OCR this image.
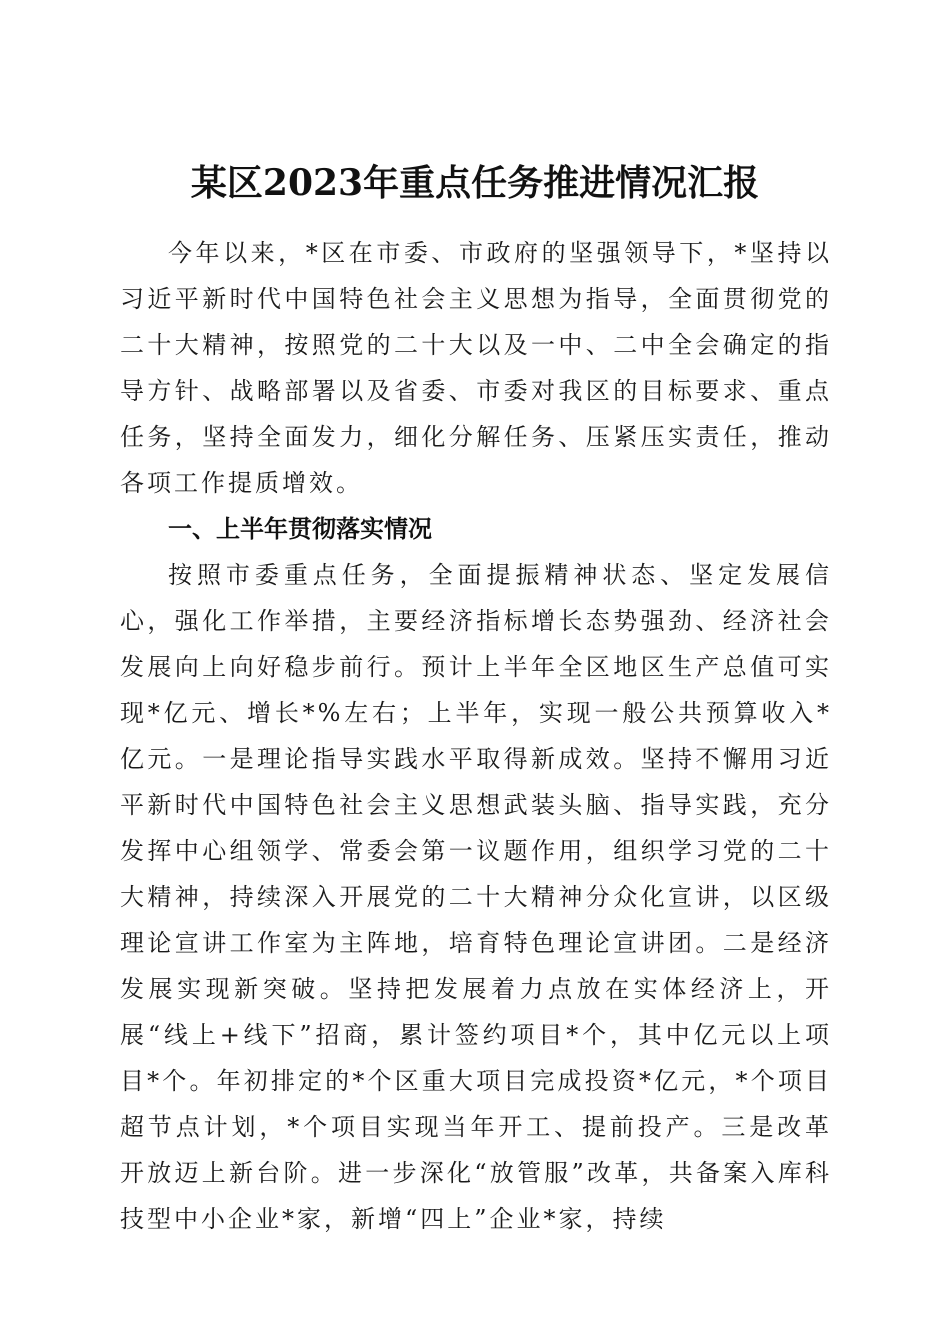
某区2023年重点任务推进情况汇报

今年以来，*区在市委、市政府的坚强领导下，*坚持以习近平新时代中国特色社会主义思想为指导，全面贯彻党的二十大精神，按照党的二十大以及一中、二中全会确定的指导方针、战略部署以及省委、市委对我区的目标要求、重点任务，坚持全面发力，细化分解任务、压紧压实责任，推动各项工作提质增效。

一、上半年贯彻落实情况

按照市委重点任务，全面提振精神状态、坚定发展信心，强化工作举措，主要经济指标增长态势强劲、经济社会发展向上向好稳步前行。预计上半年全区地区生产总值可实现*亿元、增长*%左右；上半年，实现一般公共预算收入*亿元。一是理论指导实践水平取得新成效。坚持不懈用习近平新时代中国特色社会主义思想武装头脑、指导实践，充分发挥中心组领学、常委会第一议题作用，组织学习党的二十大精神，持续深入开展党的二十大精神分众化宣讲，以区级理论宣讲工作室为主阵地，培育特色理论宣讲团。二是经济发展实现新突破。坚持把发展着力点放在实体经济上，开展“线上+线下”招商，累计签约项目*个，其中亿元以上项目*个。年初排定的*个区重大项目完成投资*亿元，*个项目超节点计划，*个项目实现当年开工、提前投产。三是改革开放迈上新台阶。进一步深化“放管服”改革，共备案入库科技型中小企业*家，新增“四上”企业*家，持续
